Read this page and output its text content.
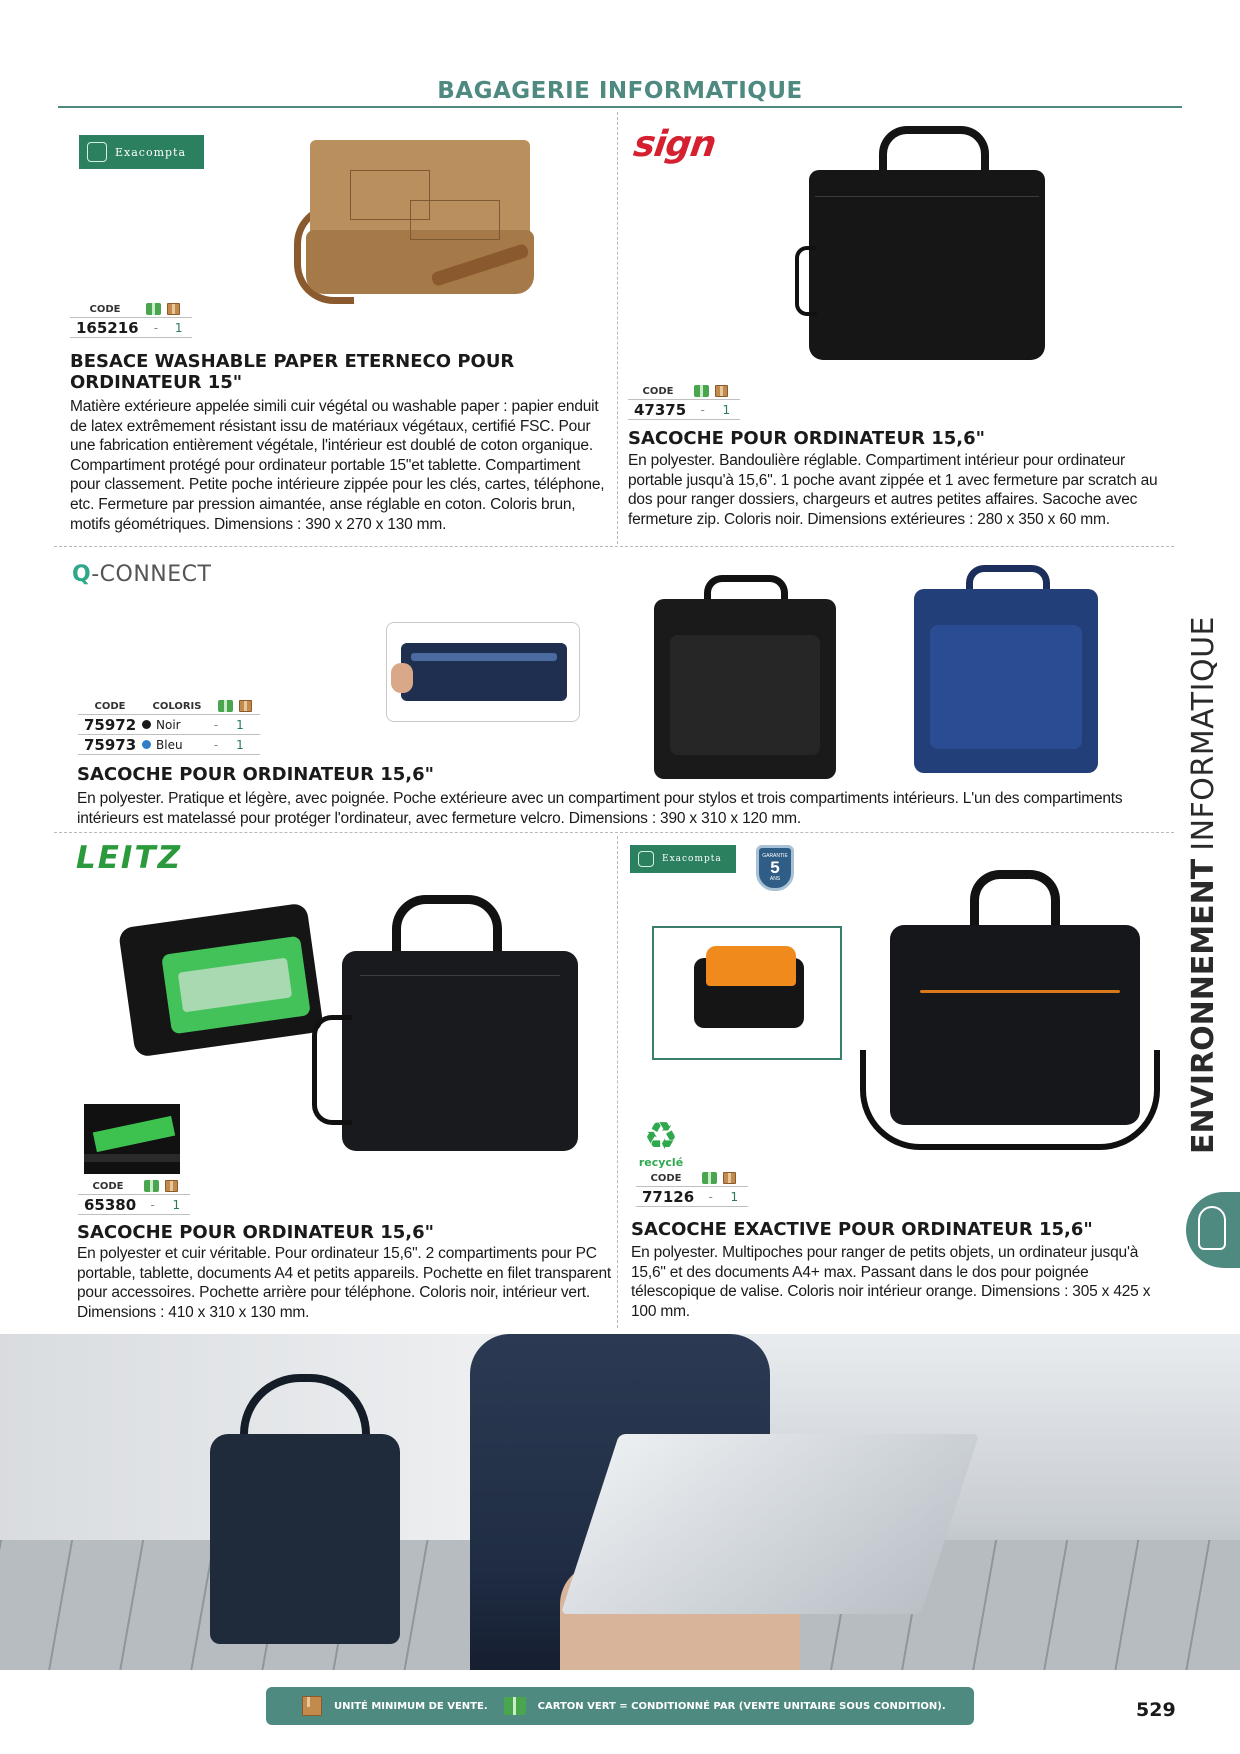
BAGAGERIE INFORMATIQUE
Exacompta
CODE
165216	-	1
BESACE WASHABLE PAPER ETERNECO POUR ORDINATEUR 15"
Matière extérieure appelée simili cuir végétal ou washable paper : papier enduit de latex extrêmement résistant issu de matériaux végétaux, certifié FSC. Pour une fabrication entièrement végétale, l'intérieur est doublé de coton organique. Compartiment protégé pour ordinateur portable 15"et tablette. Compartiment pour classement. Petite poche intérieure zippée pour les clés, cartes, téléphone, etc. Fermeture par pression aimantée, anse réglable en coton. Coloris brun, motifs géométriques. Dimensions : 390 x 270 x 130 mm.
sign
CODE
47375	-	1
SACOCHE POUR ORDINATEUR 15,6"
En polyester. Bandoulière réglable. Compartiment intérieur pour ordinateur portable jusqu'à 15,6". 1 poche avant zippée et 1 avec fermeture par scratch au dos pour ranger dossiers, chargeurs et autres petites affaires. Sacoche avec fermeture zip. Coloris noir. Dimensions extérieures : 280 x 350 x 60 mm.
Q-CONNECT
CODE	COLORIS
75972	Noir	-	1
75973	Bleu	-	1
SACOCHE POUR ORDINATEUR 15,6"
En polyester. Pratique et légère, avec poignée. Poche extérieure avec un compartiment pour stylos et trois compartiments intérieurs. L'un des compartiments intérieurs est matelassé pour protéger l'ordinateur, avec fermeture velcro. Dimensions : 390 x 310 x 120 mm.
LEITZ
CODE
65380	-	1
SACOCHE POUR ORDINATEUR 15,6"
En polyester et cuir véritable. Pour ordinateur 15,6". 2 compartiments pour PC portable, tablette, documents A4 et petits appareils. Pochette en filet transparent pour accessoires. Pochette arrière pour téléphone. Coloris noir, intérieur vert. Dimensions : 410 x 310 x 130 mm.
Exacompta	GARANTIE
5
ANS
♻
recyclé
CODE
77126	-	1
SACOCHE EXACTIVE POUR ORDINATEUR 15,6"
En polyester. Multipoches pour ranger de petits objets, un ordinateur jusqu'à 15,6" et des documents A4+ max. Passant dans le dos pour poignée télescopique de valise. Coloris noir intérieur orange. Dimensions : 305 x 425 x 100 mm.
ENVIRONNEMENT
INFORMATIQUE
UNITÉ MINIMUM DE VENTE.	CARTON VERT = CONDITIONNÉ PAR (VENTE UNITAIRE SOUS CONDITION).	529
